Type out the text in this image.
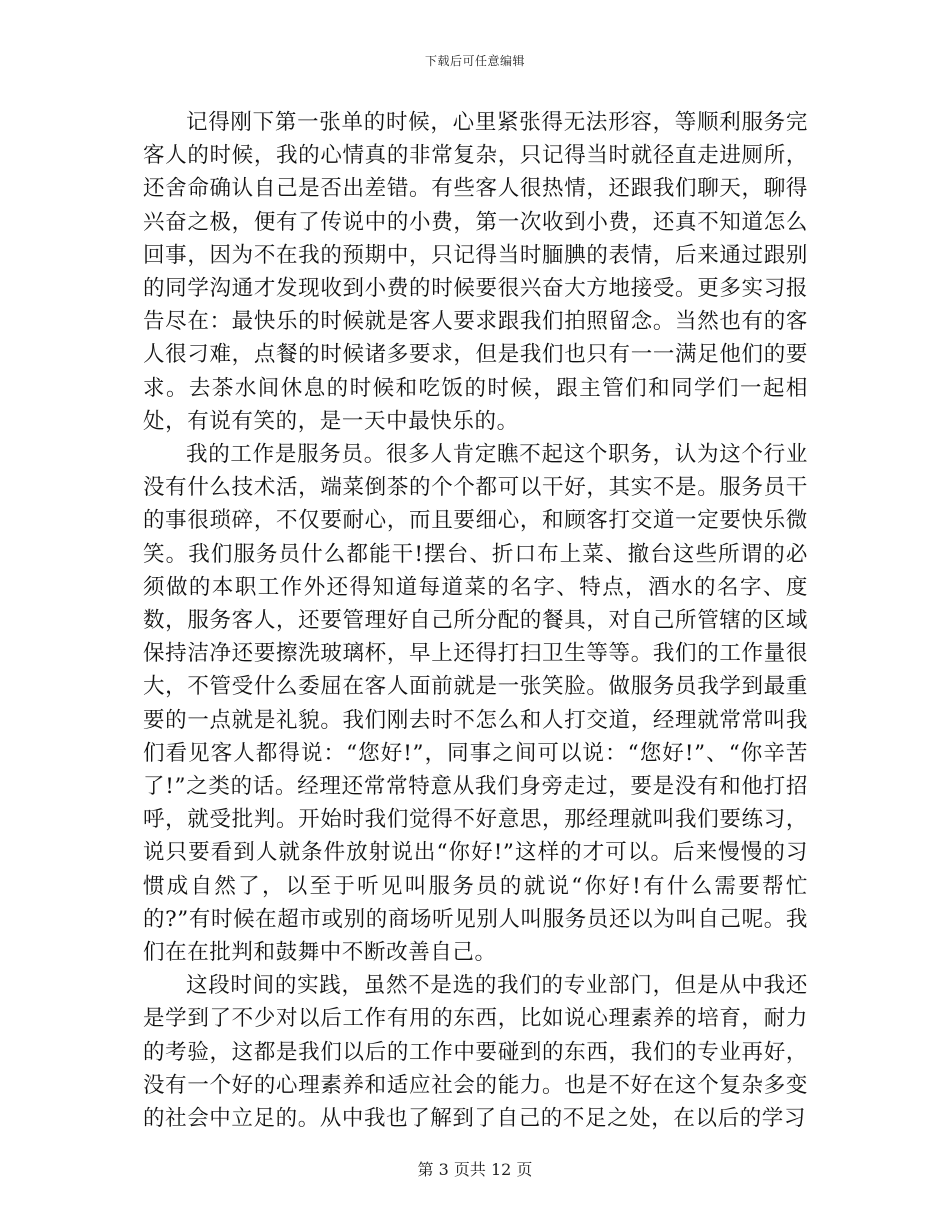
下载后可任意编辑

记得刚下第一张单的时候，心里紧张得无法形容，等顺利服务完客人的时候，我的心情真的非常复杂，只记得当时就径直走进厕所，还舍命确认自己是否出差错。有些客人很热情，还跟我们聊天，聊得兴奋之极，便有了传说中的小费，第一次收到小费，还真不知道怎么回事，因为不在我的预期中，只记得当时腼腆的表情，后来通过跟别的同学沟通才发现收到小费的时候要很兴奋大方地接受。更多实习报告尽在：最快乐的时候就是客人要求跟我们拍照留念。当然也有的客人很刁难，点餐的时候诸多要求，但是我们也只有一一满足他们的要求。去茶水间休息的时候和吃饭的时候，跟主管们和同学们一起相处，有说有笑的，是一天中最快乐的。

我的工作是服务员。很多人肯定瞧不起这个职务，认为这个行业没有什么技术活，端菜倒茶的个个都可以干好，其实不是。服务员干的事很琐碎，不仅要耐心，而且要细心，和顾客打交道一定要快乐微笑。我们服务员什么都能干!摆台、折口布上菜、撤台这些所谓的必须做的本职工作外还得知道每道菜的名字、特点，酒水的名字、度数，服务客人，还要管理好自己所分配的餐具，对自己所管辖的区域保持洁净还要擦洗玻璃杯，早上还得打扫卫生等等。我们的工作量很大，不管受什么委屈在客人面前就是一张笑脸。做服务员我学到最重要的一点就是礼貌。我们刚去时不怎么和人打交道，经理就常常叫我们看见客人都得说：“您好!”，同事之间可以说：“您好!”、“你辛苦了!”之类的话。经理还常常特意从我们身旁走过，要是没有和他打招呼，就受批判。开始时我们觉得不好意思，那经理就叫我们要练习，说只要看到人就条件放射说出“你好!”这样的才可以。后来慢慢的习惯成自然了，以至于听见叫服务员的就说“你好!有什么需要帮忙的?”有时候在超市或别的商场听见别人叫服务员还以为叫自己呢。我们在在批判和鼓舞中不断改善自己。

这段时间的实践，虽然不是选的我们的专业部门，但是从中我还是学到了不少对以后工作有用的东西，比如说心理素养的培育，耐力的考验，这都是我们以后的工作中要碰到的东西，我们的专业再好，没有一个好的心理素养和适应社会的能力。也是不好在这个复杂多变的社会中立足的。从中我也了解到了自己的不足之处，在以后的学习

第 3 页共 12 页
